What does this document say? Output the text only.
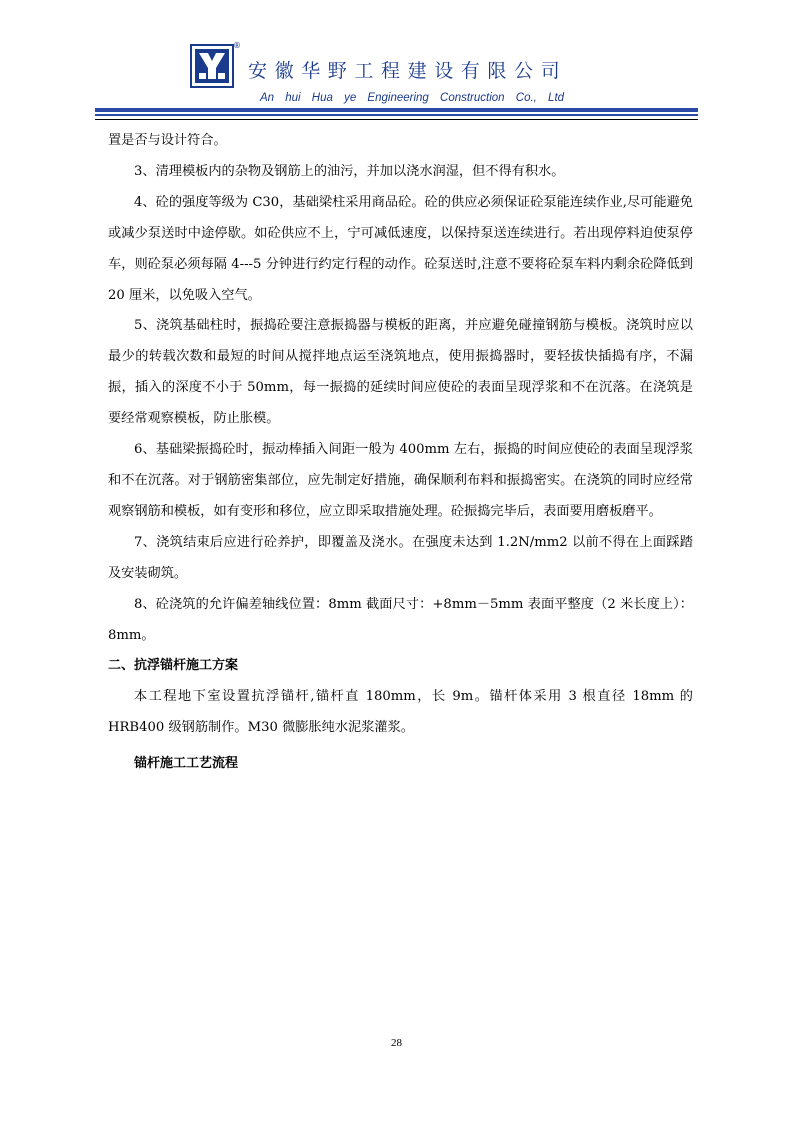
®
安徽华野工程建设有限公司
An hui Hua ye Engineering Construction Co., Ltd

置是否与设计符合。

3、清理模板内的杂物及钢筋上的油污，并加以浇水润湿，但不得有积水。

4、砼的强度等级为 C30，基础梁柱采用商品砼。砼的供应必须保证砼泵能连续作业,尽可能避免或减少泵送时中途停歇。如砼供应不上，宁可减低速度，以保持泵送连续进行。若出现停料迫使泵停车，则砼泵必须每隔 4---5 分钟进行约定行程的动作。砼泵送时,注意不要将砼泵车料内剩余砼降低到 20 厘米，以免吸入空气。

5、浇筑基础柱时，振捣砼要注意振捣器与模板的距离，并应避免碰撞钢筋与模板。浇筑时应以最少的转载次数和最短的时间从搅拌地点运至浇筑地点，使用振捣器时，要轻拔快插捣有序，不漏振，插入的深度不小于 50mm，每一振捣的延续时间应使砼的表面呈现浮浆和不在沉落。在浇筑是要经常观察模板，防止胀模。

6、基础梁振捣砼时，振动棒插入间距一般为 400mm 左右，振捣的时间应使砼的表面呈现浮浆和不在沉落。对于钢筋密集部位，应先制定好措施，确保顺利布料和振捣密实。在浇筑的同时应经常观察钢筋和模板，如有变形和移位，应立即采取措施处理。砼振捣完毕后，表面要用磨板磨平。

7、浇筑结束后应进行砼养护，即覆盖及浇水。在强度未达到 1.2N/mm2 以前不得在上面踩踏及安装砌筑。

8、砼浇筑的允许偏差轴线位置：8mm 截面尺寸：+8mm－5mm 表面平整度（2 米长度上）：8mm。

二、抗浮锚杆施工方案

本工程地下室设置抗浮锚杆,锚杆直 180mm，长 9m。锚杆体采用 3 根直径 18mm 的 HRB400 级钢筋制作。M30 微膨胀纯水泥浆灌浆。

锚杆施工工艺流程

28
